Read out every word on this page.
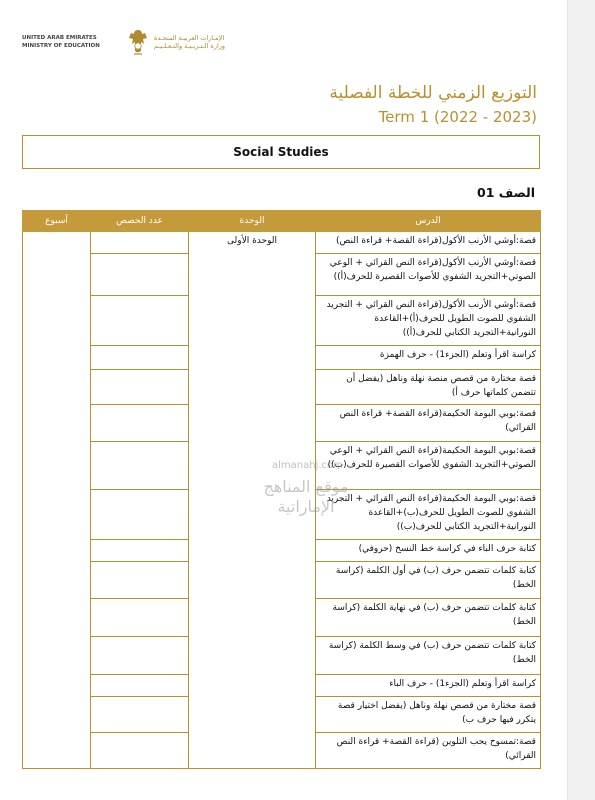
UNITED ARAB EMIRATES
MINISTRY OF EDUCATION
الإمـارات العربيـة المتحـدة
وزارة الـتـربـيـة والتـعـلـيـم
التوزيع الزمني للخطة الفصلية
Term 1 (2022 - 2023)
Social Studies
الصف 01
الدرس	الوحدة	عدد الحصص	أسبوع
قصة:أوشي الأرنب الأكول(قراءة القصة+ قراءة النص)	الوحدة الأولى		
قصة:أوشي الأرنب الأكول(قراءة النص القرائي + الوعي الصوتي+التجريد الشفوي للأصوات القصيرة للحرف(أ))			
قصة:أوشي الأرنب الأكول(قراءة النص القرائي + التجريد الشفوي للصوت الطويل للحرف(أ)+القاعدة النورانية+التجريد الكتابي للحرف(أ))			
كراسة اقرأ وتعلم (الجزء1) - حرف الهمزة			
قصة مختارة من قصص منصة نهلة وناهل (يفضل أن تتضمن كلماتها حرف أ)			
قصة:بوبي البومة الحكيمة(قراءة القصة+ قراءة النص القرائي)			
قصة:بوبي البومة الحكيمة(قراءة النص القرائي + الوعي الصوتي+التجريد الشفوي للأصوات القصيرة للحرف(ب))			
قصة:بوبي البومة الحكيمة(قراءة النص القرائي + التجريد الشفوي للصوت الطويل للحرف(ب)+القاعدة النورانية+التجريد الكتابي للحرف(ب))			
كتابة حرف الباء في كراسة خط النسخ (حروفي)			
كتابة كلمات تتضمن حرف (ب) في أول الكلمة (كراسة الخط)			
كتابة كلمات تتضمن حرف (ب) في نهاية الكلمة (كراسة الخط)			
كتابة كلمات تتضمن حرف (ب) في وسط الكلمة (كراسة الخط)			
كراسة اقرأ وتعلم (الجزء1) - حرف الباء			
قصة مختارة من قصص نهلة وناهل (يفضل اختيار قصة يتكرر فيها حرف ب)			
قصة:تمسوح يحب التلوين (قراءة القصة+ قراءة النص القرائي)			
almanahj.com
موقع المناهج الإماراتية
